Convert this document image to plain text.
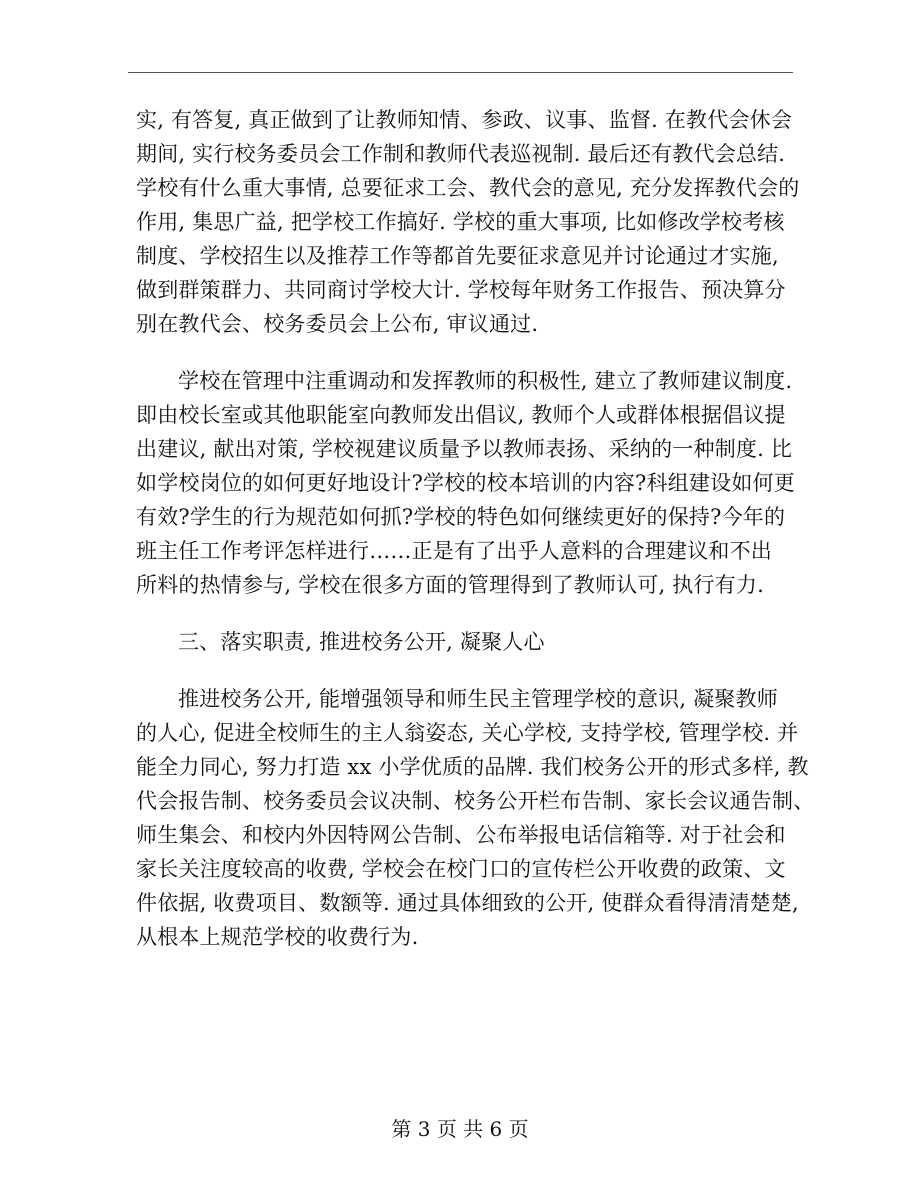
实, 有答复, 真正做到了让教师知情、参政、议事、监督. 在教代会休会
期间, 实行校务委员会工作制和教师代表巡视制. 最后还有教代会总结.
学校有什么重大事情, 总要征求工会、教代会的意见, 充分发挥教代会的
作用, 集思广益, 把学校工作搞好. 学校的重大事项, 比如修改学校考核
制度、学校招生以及推荐工作等都首先要征求意见并讨论通过才实施,
做到群策群力、共同商讨学校大计. 学校每年财务工作报告、预决算分
别在教代会、校务委员会上公布, 审议通过.
学校在管理中注重调动和发挥教师的积极性, 建立了教师建议制度.
即由校长室或其他职能室向教师发出倡议, 教师个人或群体根据倡议提
出建议, 献出对策, 学校视建议质量予以教师表扬、采纳的一种制度. 比
如学校岗位的如何更好地设计?学校的校本培训的内容?科组建设如何更
有效?学生的行为规范如何抓?学校的特色如何继续更好的保持?今年的
班主任工作考评怎样进行……正是有了出乎人意料的合理建议和不出
所料的热情参与, 学校在很多方面的管理得到了教师认可, 执行有力.
三、落实职责, 推进校务公开, 凝聚人心
推进校务公开, 能增强领导和师生民主管理学校的意识, 凝聚教师
的人心, 促进全校师生的主人翁姿态, 关心学校, 支持学校, 管理学校. 并
能全力同心, 努力打造 xx 小学优质的品牌. 我们校务公开的形式多样, 教
代会报告制、校务委员会议决制、校务公开栏布告制、家长会议通告制、
师生集会、和校内外因特网公告制、公布举报电话信箱等. 对于社会和
家长关注度较高的收费, 学校会在校门口的宣传栏公开收费的政策、文
件依据, 收费项目、数额等. 通过具体细致的公开, 使群众看得清清楚楚,
从根本上规范学校的收费行为.
第 3 页 共 6 页
